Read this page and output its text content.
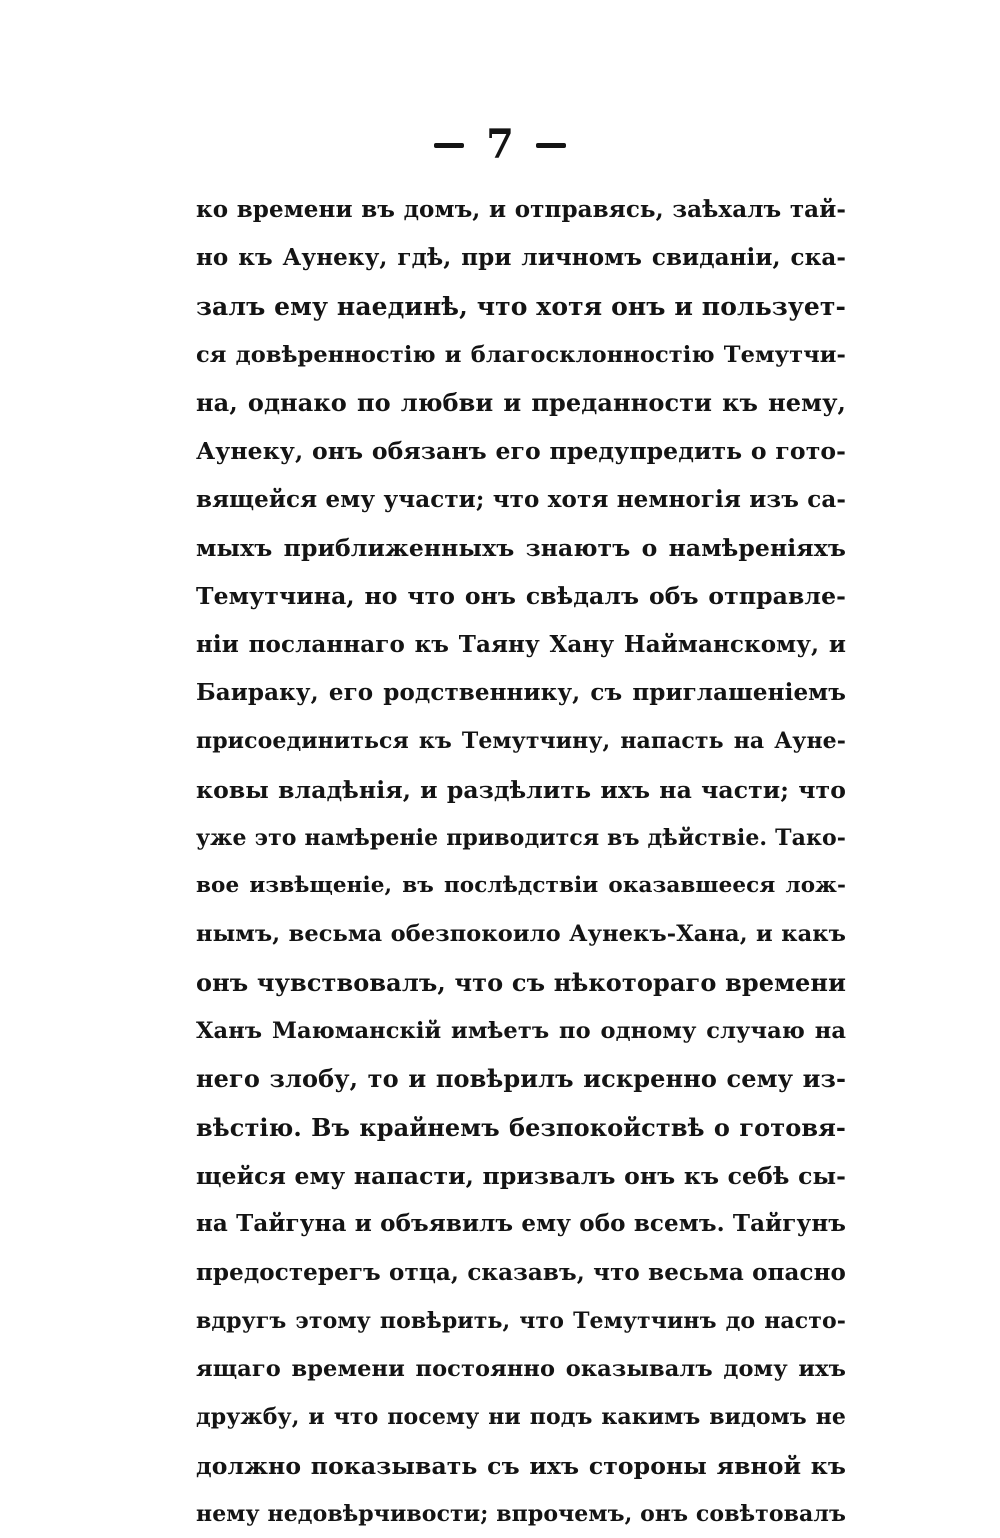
7
ко времени въ домъ, и отправясь, заѣхалъ тай-
но къ Аунеку, гдѣ, при личномъ свиданіи, ска-
залъ ему наединѣ, что хотя онъ и пользует-
ся довѣренностію и благосклонностію Темутчи-
на, однако по любви и преданности къ нему,
Аунеку, онъ обязанъ его предупредить о гото-
вящейся ему участи; что хотя немногія изъ са-
мыхъ приближенныхъ знаютъ о намѣреніяхъ
Темутчина, но что онъ свѣдалъ объ отправле-
ніи посланнаго къ Таяну Хану Найманскому, и
Баираку, его родственнику, съ приглашеніемъ
присоединиться къ Темутчину, напасть на Ауне-
ковы владѣнія, и раздѣлить ихъ на части; что
уже это намѣреніе приводится въ дѣйствіе. Тако-
вое извѣщеніе, въ послѣдствіи оказавшееся лож-
нымъ, весьма обезпокоило Аунекъ-Хана, и какъ
онъ чувствовалъ, что съ нѣкотораго времени
Ханъ Маюманскій имѣетъ по одному случаю на
него злобу, то и повѣрилъ искренно сему из-
вѣстію. Въ крайнемъ безпокойствѣ о готовя-
щейся ему напасти, призвалъ онъ къ себѣ сы-
на Тайгуна и объявилъ ему обо всемъ. Тайгунъ
предостерегъ отца, сказавъ, что весьма опасно
вдругъ этому повѣрить, что Темутчинъ до насто-
ящаго времени постоянно оказывалъ дому ихъ
дружбу, и что посему ни подъ какимъ видомъ не
должно показывать съ ихъ стороны явной къ
нему недовѣрчивости; впрочемъ, онъ совѣтовалъ
